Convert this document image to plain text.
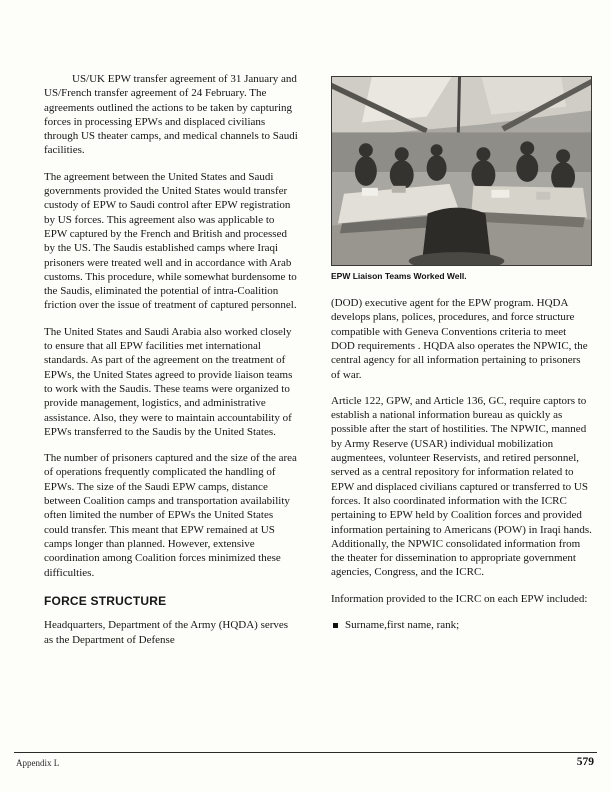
US/UK EPW transfer agreement of 31 January and US/French transfer agreement of 24 February. The agreements outlined the actions to be taken by capturing forces in processing EPWs and displaced civilians through US theater camps, and medical channels to Saudi facilities.

The agreement between the United States and Saudi governments provided the United States would transfer custody of EPW to Saudi control after EPW registration by US forces. This agreement also was applicable to EPW captured by the French and British and processed by the US. The Saudis established camps where Iraqi prisoners were treated well and in accordance with Arab customs. This procedure, while somewhat burdensome to the Saudis, eliminated the potential of intra-Coalition friction over the issue of treatment of captured personnel.

The United States and Saudi Arabia also worked closely to ensure that all EPW facilities met international standards. As part of the agreement on the treatment of EPWs, the United States agreed to provide liaison teams to work with the Saudis. These teams were organized to provide management, logistics, and administrative assistance. Also, they were to maintain accountability of EPWs transferred to the Saudis by the United States.

The number of prisoners captured and the size of the area of operations frequently complicated the handling of EPWs. The size of the Saudi EPW camps, distance between Coalition camps and transportation availability often limited the number of EPWs the United States could transfer. This meant that EPW remained at US camps longer than planned. However, extensive coordination among Coalition forces minimized these difficulties.

FORCE STRUCTURE

Headquarters, Department of the Army (HQDA) serves as the Department of Defense

EPW Liaison Teams Worked Well.

(DOD) executive agent for the EPW program. HQDA develops plans, polices, procedures, and force structure compatible with Geneva Conventions criteria to meet DOD requirements . HQDA also operates the NPWIC, the central agency for all information pertaining to prisoners of war.

Article 122, GPW, and Article 136, GC, require captors to establish a national information bureau as quickly as possible after the start of hostilities. The NPWIC, manned by Army Reserve (USAR) individual mobilization augmentees, volunteer Reservists, and retired personnel, served as a central repository for information related to EPW and displaced civilians captured or transferred to US forces. It also coordinated information with the ICRC pertaining to EPW held by Coalition forces and provided information pertaining to Americans (POW) in Iraqi hands. Additionally, the NPWIC consolidated information from the theater for dissemination to appropriate government agencies, Congress, and the ICRC.

Information provided to the ICRC on each EPW included:

Surname,first name, rank;
Appendix L	579
